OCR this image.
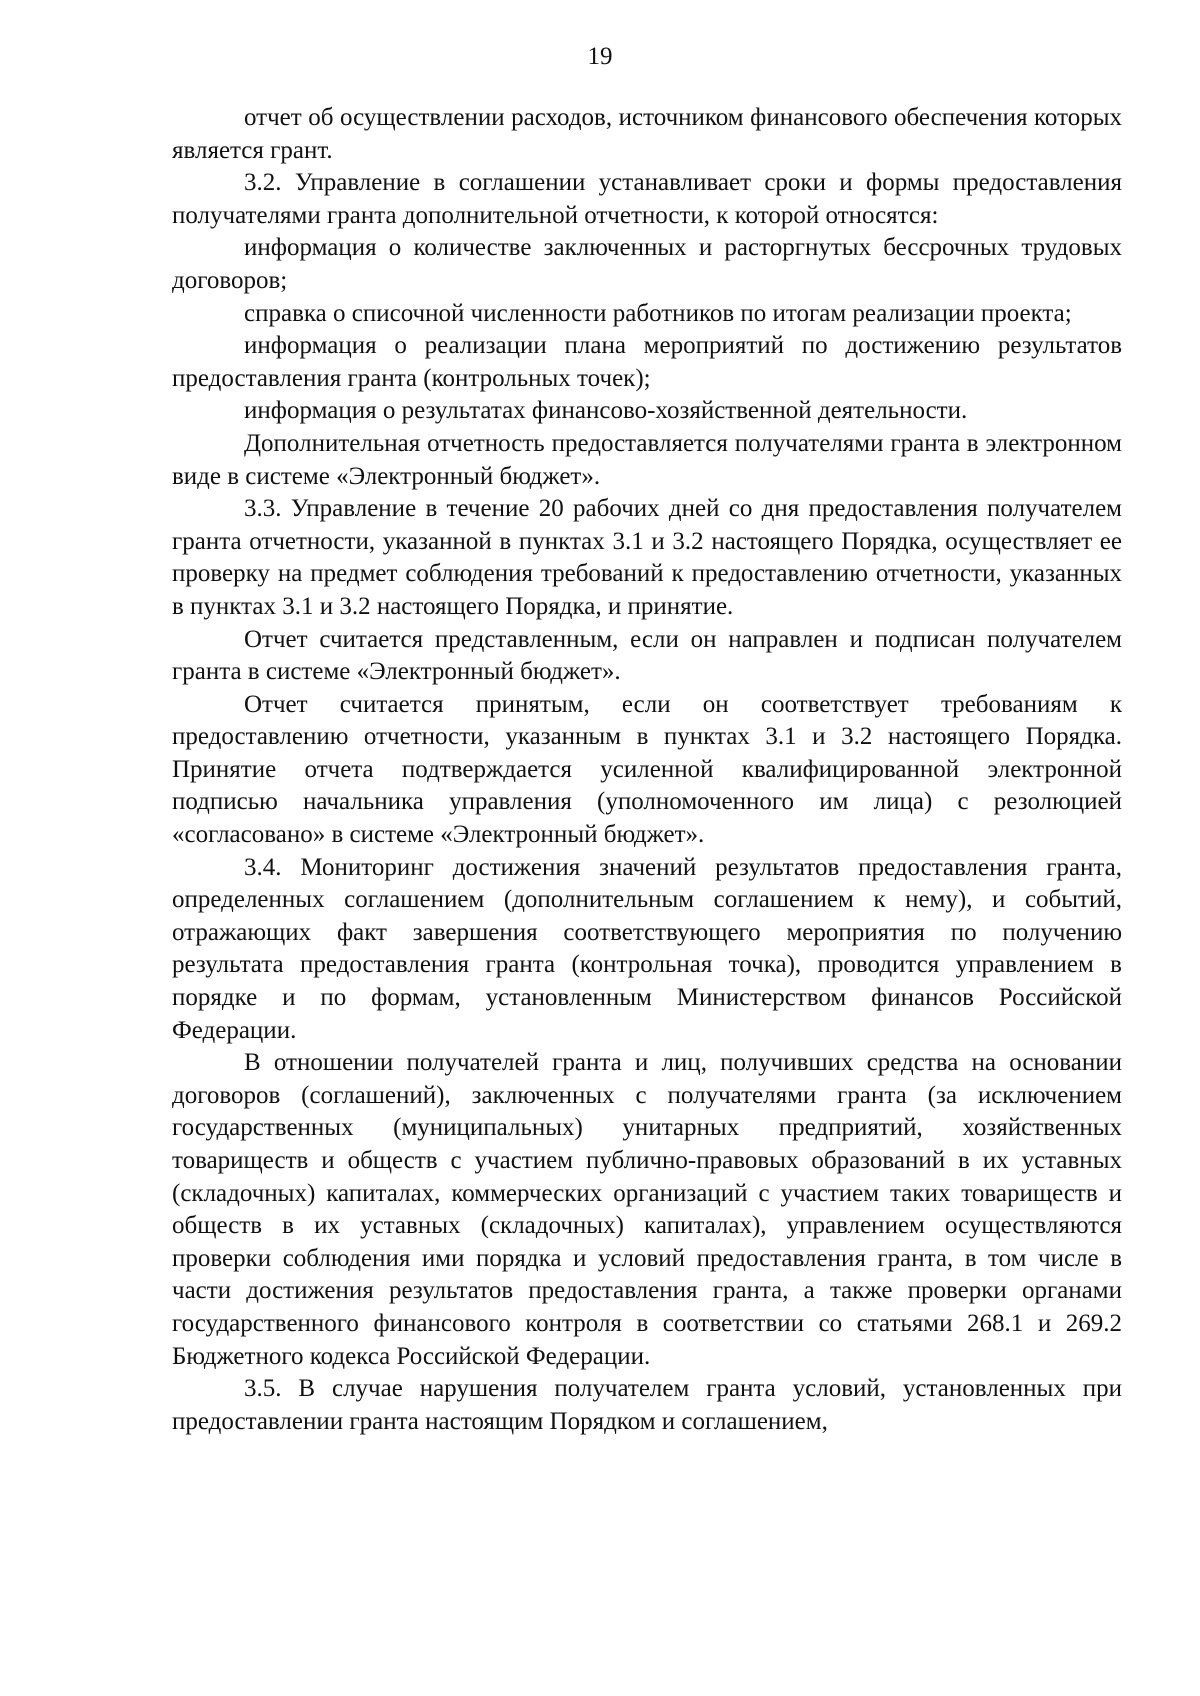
19

отчет об осуществлении расходов, источником финансового обеспечения которых является грант.

3.2. Управление в соглашении устанавливает сроки и формы предоставления получателями гранта дополнительной отчетности, к которой относятся:

информация о количестве заключенных и расторгнутых бессрочных трудовых договоров;

справка о списочной численности работников по итогам реализации проекта;

информация о реализации плана мероприятий по достижению результатов предоставления гранта (контрольных точек);

информация о результатах финансово-хозяйственной деятельности.

Дополнительная отчетность предоставляется получателями гранта в электронном виде в системе «Электронный бюджет».

3.3. Управление в течение 20 рабочих дней со дня предоставления получателем гранта отчетности, указанной в пунктах 3.1 и 3.2 настоящего Порядка, осуществляет ее проверку на предмет соблюдения требований к предоставлению отчетности, указанных в пунктах 3.1 и 3.2 настоящего Порядка, и принятие.

Отчет считается представленным, если он направлен и подписан получателем гранта в системе «Электронный бюджет».

Отчет считается принятым, если он соответствует требованиям к предоставлению отчетности, указанным в пунктах 3.1 и 3.2 настоящего Порядка. Принятие отчета подтверждается усиленной квалифицированной электронной подписью начальника управления (уполномоченного им лица) с резолюцией «согласовано» в системе «Электронный бюджет».

3.4. Мониторинг достижения значений результатов предоставления гранта, определенных соглашением (дополнительным соглашением к нему), и событий, отражающих факт завершения соответствующего мероприятия по получению результата предоставления гранта (контрольная точка), проводится управлением в порядке и по формам, установленным Министерством финансов Российской Федерации.

В отношении получателей гранта и лиц, получивших средства на основании договоров (соглашений), заключенных с получателями гранта (за исключением государственных (муниципальных) унитарных предприятий, хозяйственных товариществ и обществ с участием публично-правовых образований в их уставных (складочных) капиталах, коммерческих организаций с участием таких товариществ и обществ в их уставных (складочных) капиталах), управлением осуществляются проверки соблюдения ими порядка и условий предоставления гранта, в том числе в части достижения результатов предоставления гранта, а также проверки органами государственного финансового контроля в соответствии со статьями 268.1 и 269.2 Бюджетного кодекса Российской Федерации.

3.5. В случае нарушения получателем гранта условий, установленных при предоставлении гранта настоящим Порядком и соглашением,
